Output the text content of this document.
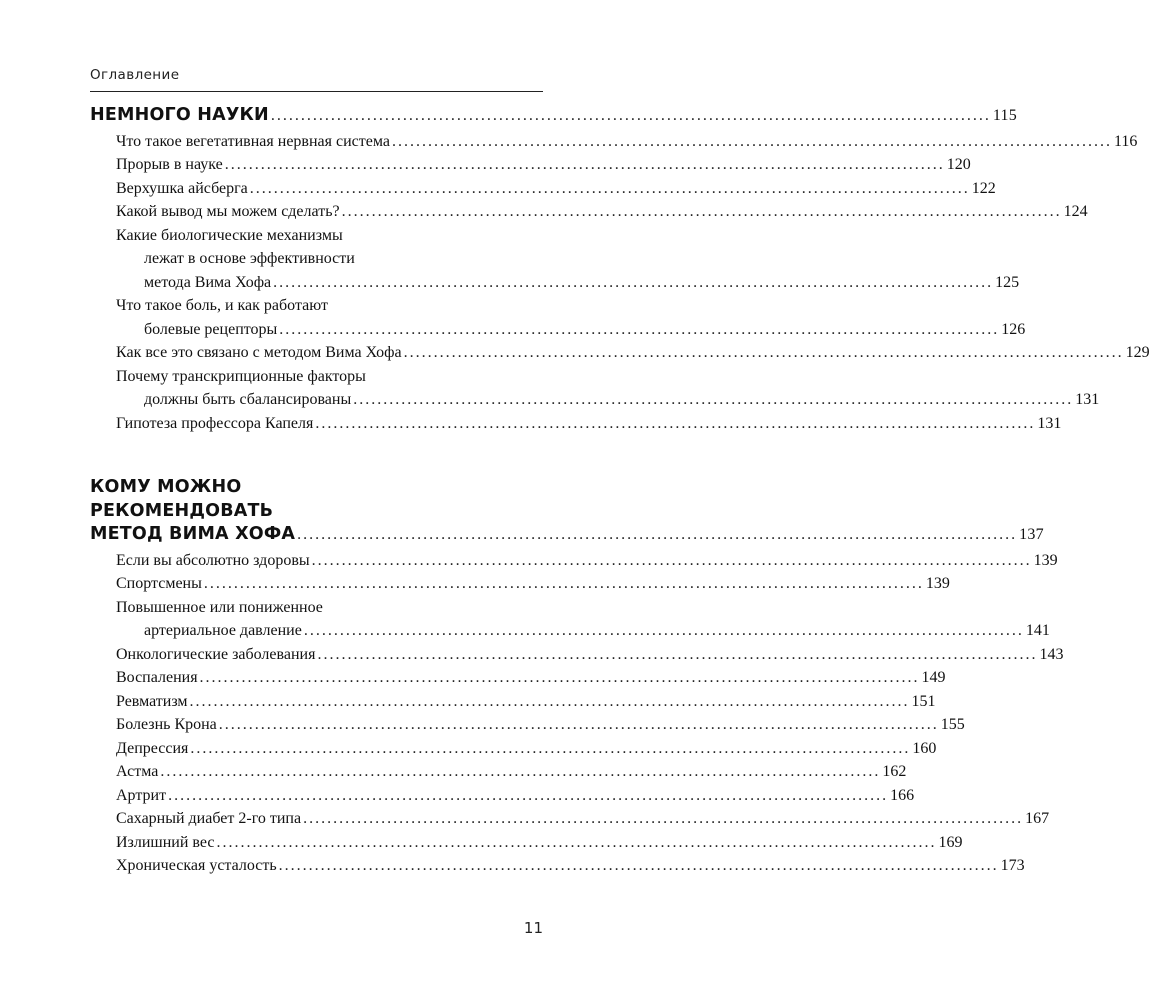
Оглавление
НЕМНОГО НАУКИ ........................................................................................................................ 115
Что такое вегетативная нервная система ........................................................................................................................ 116
Прорыв в науке ........................................................................................................................ 120
Верхушка айсберга ........................................................................................................................ 122
Какой вывод мы можем сделать? ........................................................................................................................ 124
Какие биологические механизмы
лежат в основе эффективности
метода Вима Хофа ........................................................................................................................ 125
Что такое боль, и как работают
болевые рецепторы ........................................................................................................................ 126
Как все это связано с методом Вима Хофа ........................................................................................................................ 129
Почему транскрипционные факторы
должны быть сбалансированы ........................................................................................................................ 131
Гипотеза профессора Капеля ........................................................................................................................ 131
КОМУ МОЖНО
РЕКОМЕНДОВАТЬ
МЕТОД ВИМА ХОФА ........................................................................................................................ 137
Если вы абсолютно здоровы ........................................................................................................................ 139
Спортсмены ........................................................................................................................ 139
Повышенное или пониженное
артериальное давление ........................................................................................................................ 141
Онкологические заболевания ........................................................................................................................ 143
Воспаления ........................................................................................................................ 149
Ревматизм ........................................................................................................................ 151
Болезнь Крона ........................................................................................................................ 155
Депрессия ........................................................................................................................ 160
Астма ........................................................................................................................ 162
Артрит ........................................................................................................................ 166
Сахарный диабет 2-го типа ........................................................................................................................ 167
Излишний вес ........................................................................................................................ 169
Хроническая усталость ........................................................................................................................ 173
11
